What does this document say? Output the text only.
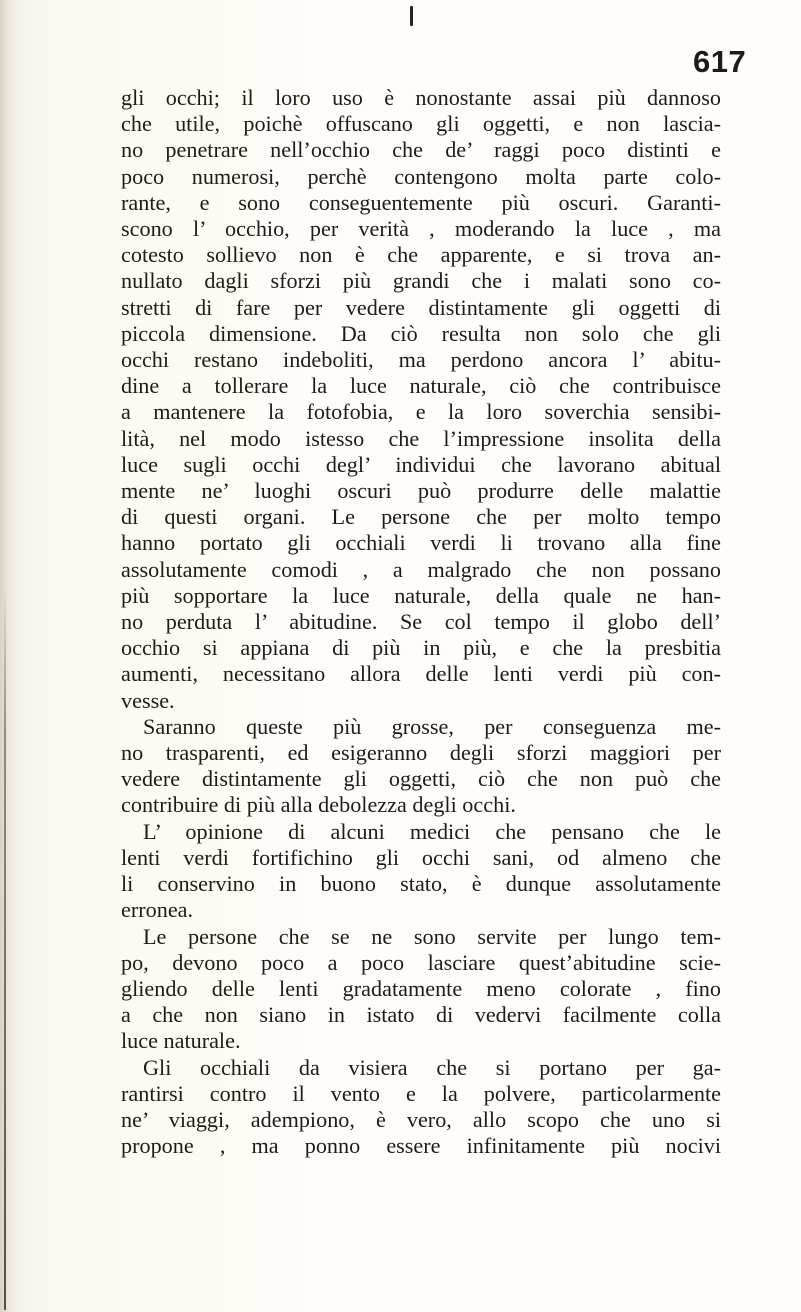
617
gli occhi; il loro uso è nonostante assai più dannoso
che utile, poichè offuscano gli oggetti, e non lascia-
no penetrare nell’occhio che de’ raggi poco distinti e
poco numerosi, perchè contengono molta parte colo-
rante, e sono conseguentemente più oscuri. Garanti-
scono l’ occhio, per verità , moderando la luce , ma
cotesto sollievo non è che apparente, e si trova an-
nullato dagli sforzi più grandi che i malati sono co-
stretti di fare per vedere distintamente gli oggetti di
piccola dimensione. Da ciò resulta non solo che gli
occhi restano indeboliti, ma perdono ancora l’ abitu-
dine a tollerare la luce naturale, ciò che contribuisce
a mantenere la fotofobia, e la loro soverchia sensibi-
lità, nel modo istesso che l’impressione insolita della
luce sugli occhi degl’ individui che lavorano abitual
mente ne’ luoghi oscuri può produrre delle malattie
di questi organi. Le persone che per molto tempo
hanno portato gli occhiali verdi li trovano alla fine
assolutamente comodi , a malgrado che non possano
più sopportare la luce naturale, della quale ne han-
no perduta l’ abitudine. Se col tempo il globo dell’
occhio si appiana di più in più, e che la presbitia
aumenti, necessitano allora delle lenti verdi più con-
vesse.
Saranno queste più grosse, per conseguenza me-
no trasparenti, ed esigeranno degli sforzi maggiori per
vedere distintamente gli oggetti, ciò che non può che
contribuire di più alla debolezza degli occhi.
L’ opinione di alcuni medici che pensano che le
lenti verdi fortifichino gli occhi sani, od almeno che
li conservino in buono stato, è dunque assolutamente
erronea.
Le persone che se ne sono servite per lungo tem-
po, devono poco a poco lasciare quest’abitudine scie-
gliendo delle lenti gradatamente meno colorate , fino
a che non siano in istato di vedervi facilmente colla
luce naturale.
Gli occhiali da visiera che si portano per ga-
rantirsi contro il vento e la polvere, particolarmente
ne’ viaggi, adempiono, è vero, allo scopo che uno si
propone , ma ponno essere infinitamente più nocivi
